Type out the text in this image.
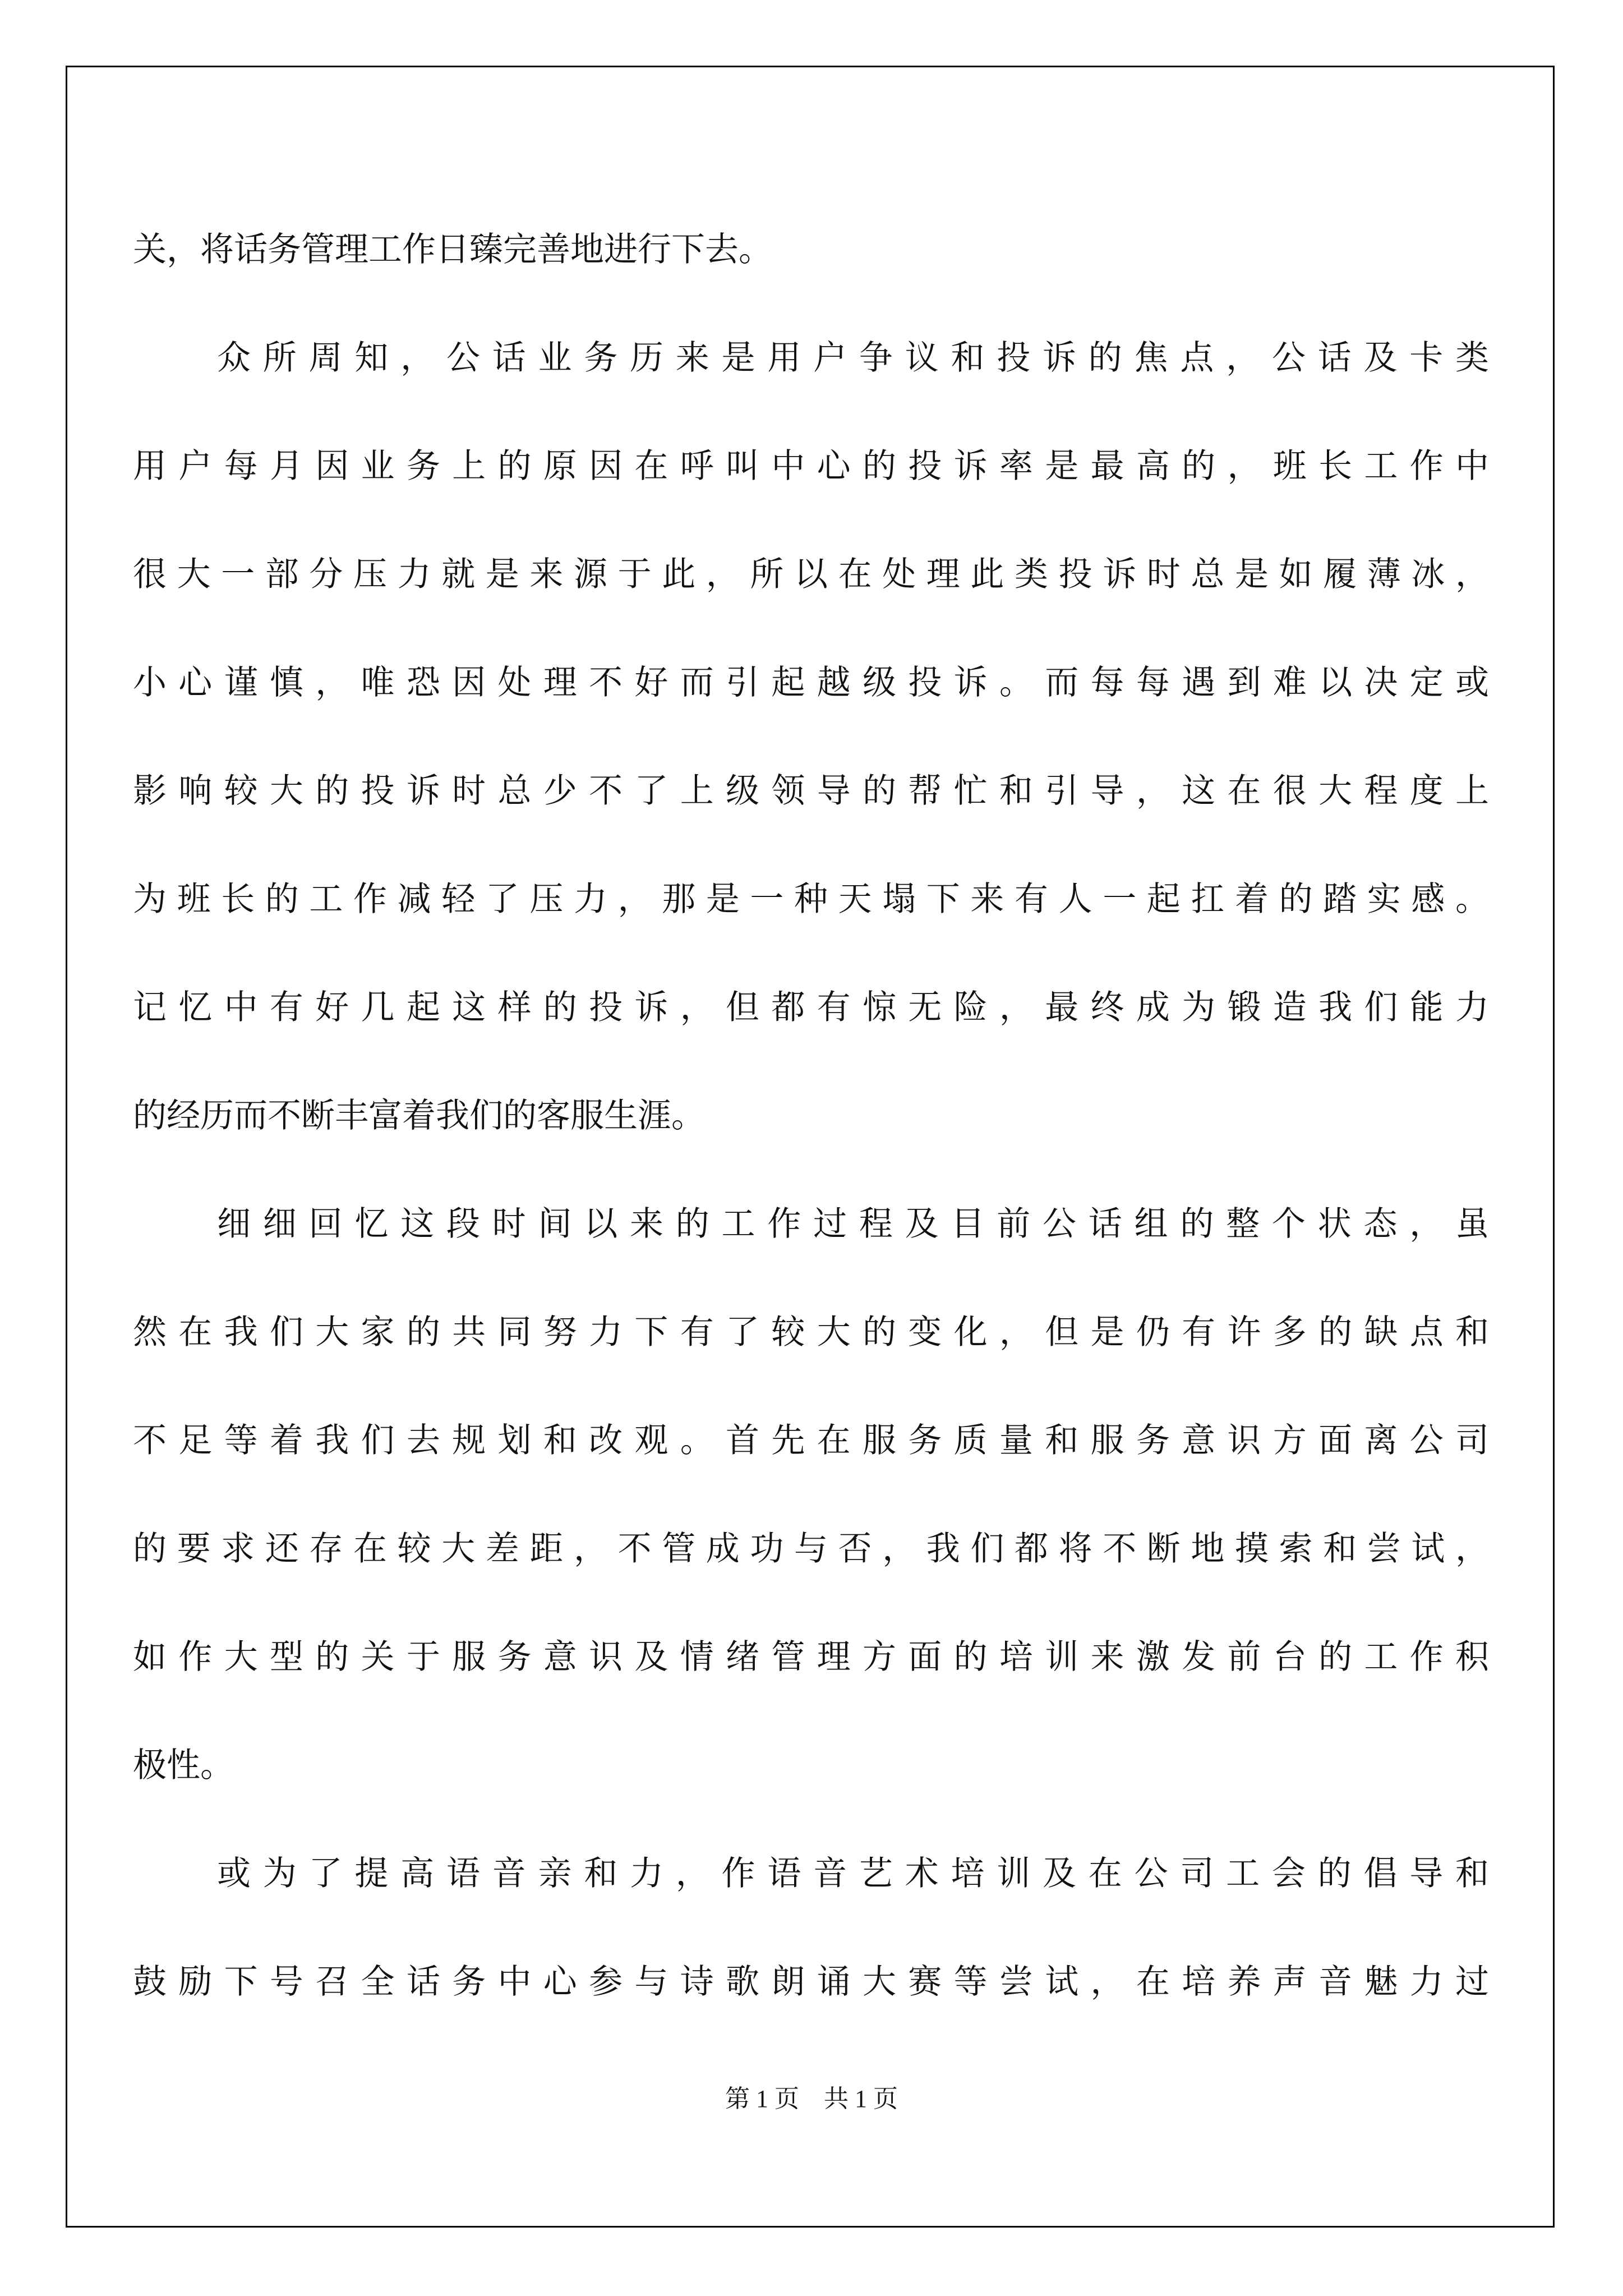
关，将话务管理工作日臻完善地进行下去。
众所周知，公话业务历来是用户争议和投诉的焦点，公话及卡类
用户每月因业务上的原因在呼叫中心的投诉率是最高的，班长工作中
很大一部分压力就是来源于此，所以在处理此类投诉时总是如履薄冰，
小心谨慎，唯恐因处理不好而引起越级投诉。而每每遇到难以决定或
影响较大的投诉时总少不了上级领导的帮忙和引导，这在很大程度上
为班长的工作减轻了压力，那是一种天塌下来有人一起扛着的踏实感。
记忆中有好几起这样的投诉，但都有惊无险，最终成为锻造我们能力
的经历而不断丰富着我们的客服生涯。
细细回忆这段时间以来的工作过程及目前公话组的整个状态，虽
然在我们大家的共同努力下有了较大的变化，但是仍有许多的缺点和
不足等着我们去规划和改观。首先在服务质量和服务意识方面离公司
的要求还存在较大差距，不管成功与否，我们都将不断地摸索和尝试，
如作大型的关于服务意识及情绪管理方面的培训来激发前台的工作积
极性。
或为了提高语音亲和力，作语音艺术培训及在公司工会的倡导和
鼓励下号召全话务中心参与诗歌朗诵大赛等尝试，在培养声音魅力过
第 1 页 共 1 页
